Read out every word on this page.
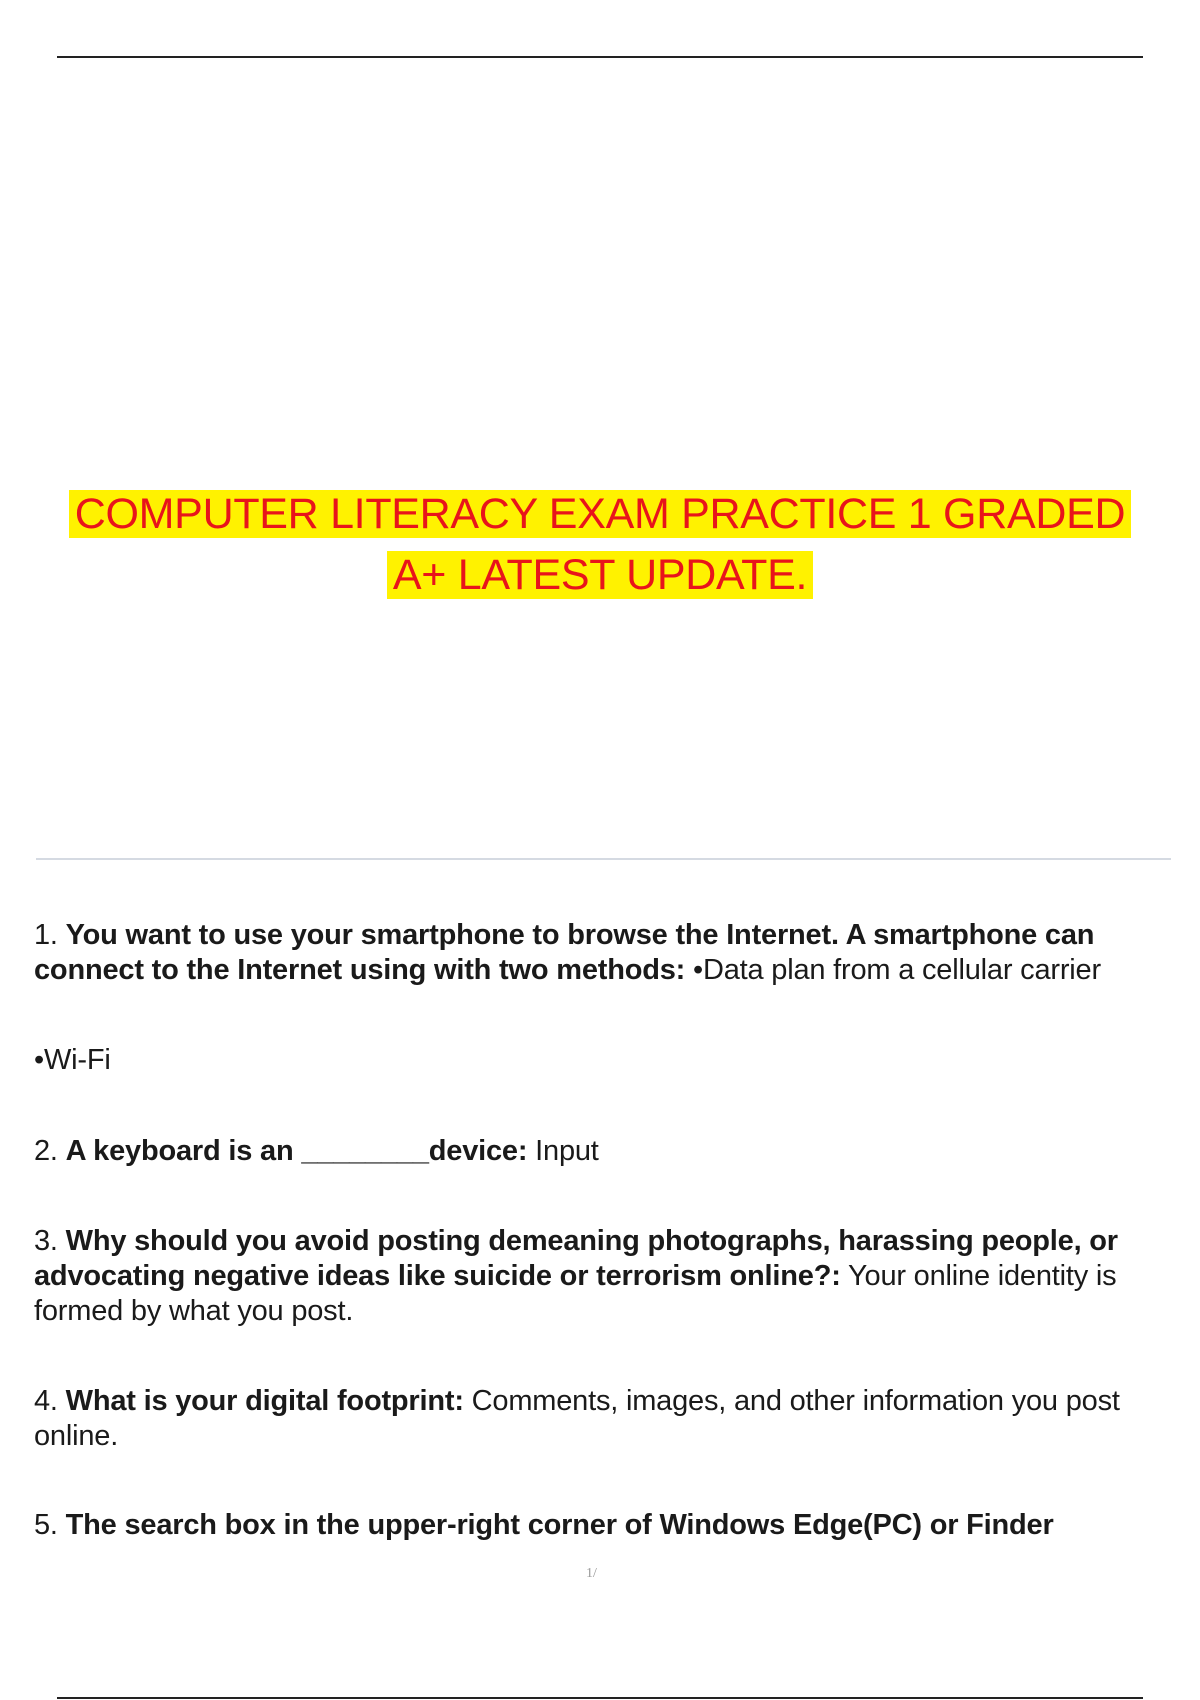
COMPUTER LITERACY EXAM PRACTICE 1 GRADED
A+ LATEST UPDATE.

1. You want to use your smartphone to browse the Internet. A smartphone can connect to the Internet using with two methods: •Data plan from a cellular carrier

•Wi-Fi

2. A keyboard is an ________device: Input

3. Why should you avoid posting demeaning photographs, harassing people, or advocating negative ideas like suicide or terrorism online?: Your online identity is formed by what you post.

4. What is your digital footprint: Comments, images, and other information you post online.

5. The search box in the upper-right corner of Windows Edge(PC) or Finder

1/
